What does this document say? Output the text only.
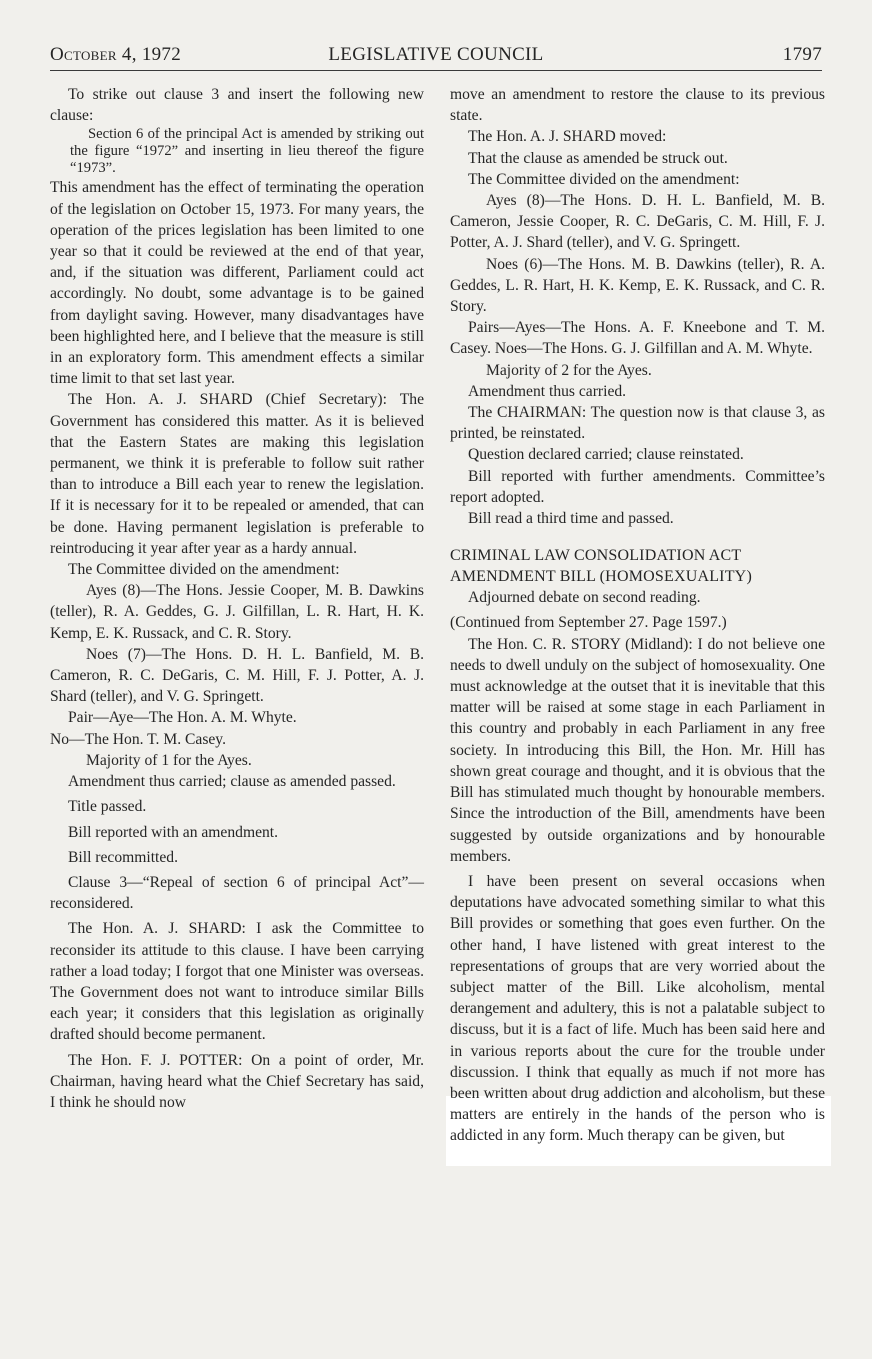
October 4, 1972	LEGISLATIVE COUNCIL	1797

To strike out clause 3 and insert the following new clause:

Section 6 of the principal Act is amended by striking out the figure “1972” and inserting in lieu thereof the figure “1973”.

This amendment has the effect of terminating the operation of the legislation on October 15, 1973. For many years, the operation of the prices legislation has been limited to one year so that it could be reviewed at the end of that year, and, if the situation was different, Parliament could act accordingly. No doubt, some advantage is to be gained from daylight saving. However, many disadvantages have been highlighted here, and I believe that the measure is still in an exploratory form. This amendment effects a similar time limit to that set last year.

The Hon. A. J. SHARD (Chief Secretary): The Government has considered this matter. As it is believed that the Eastern States are making this legislation permanent, we think it is preferable to follow suit rather than to introduce a Bill each year to renew the legislation. If it is necessary for it to be repealed or amended, that can be done. Having permanent legislation is preferable to reintroducing it year after year as a hardy annual.

The Committee divided on the amendment:

Ayes (8)—The Hons. Jessie Cooper, M. B. Dawkins (teller), R. A. Geddes, G. J. Gilfillan, L. R. Hart, H. K. Kemp, E. K. Russack, and C. R. Story.

Noes (7)—The Hons. D. H. L. Banfield, M. B. Cameron, R. C. DeGaris, C. M. Hill, F. J. Potter, A. J. Shard (teller), and V. G. Springett.

Pair—Aye—The Hon. A. M. Whyte.

No—The Hon. T. M. Casey.

Majority of 1 for the Ayes.

Amendment thus carried; clause as amended passed.

Title passed.

Bill reported with an amendment.

Bill recommitted.

Clause 3—“Repeal of section 6 of principal Act”—reconsidered.

The Hon. A. J. SHARD: I ask the Committee to reconsider its attitude to this clause. I have been carrying rather a load today; I forgot that one Minister was overseas. The Government does not want to introduce similar Bills each year; it considers that this legislation as originally drafted should become permanent.

The Hon. F. J. POTTER: On a point of order, Mr. Chairman, having heard what the Chief Secretary has said, I think he should now

move an amendment to restore the clause to its previous state.

The Hon. A. J. SHARD moved:

That the clause as amended be struck out.

The Committee divided on the amendment:

Ayes (8)—The Hons. D. H. L. Banfield, M. B. Cameron, Jessie Cooper, R. C. DeGaris, C. M. Hill, F. J. Potter, A. J. Shard (teller), and V. G. Springett.

Noes (6)—The Hons. M. B. Dawkins (teller), R. A. Geddes, L. R. Hart, H. K. Kemp, E. K. Russack, and C. R. Story.

Pairs—Ayes—The Hons. A. F. Kneebone and T. M. Casey. Noes—The Hons. G. J. Gilfillan and A. M. Whyte.

Majority of 2 for the Ayes.

Amendment thus carried.

The CHAIRMAN: The question now is that clause 3, as printed, be reinstated.

Question declared carried; clause reinstated.

Bill reported with further amendments. Committee’s report adopted.

Bill read a third time and passed.

CRIMINAL LAW CONSOLIDATION ACT AMENDMENT BILL (HOMOSEXUALITY)

Adjourned debate on second reading.

(Continued from September 27. Page 1597.)

The Hon. C. R. STORY (Midland): I do not believe one needs to dwell unduly on the subject of homosexuality. One must acknowledge at the outset that it is inevitable that this matter will be raised at some stage in each Parliament in this country and probably in each Parliament in any free society. In introducing this Bill, the Hon. Mr. Hill has shown great courage and thought, and it is obvious that the Bill has stimulated much thought by honourable members. Since the introduction of the Bill, amendments have been suggested by outside organizations and by honourable members.

I have been present on several occasions when deputations have advocated something similar to what this Bill provides or something that goes even further. On the other hand, I have listened with great interest to the representations of groups that are very worried about the subject matter of the Bill. Like alcoholism, mental derangement and adultery, this is not a palatable subject to discuss, but it is a fact of life. Much has been said here and in various reports about the cure for the trouble under discussion. I think that equally as much if not more has been written about drug addiction and alcoholism, but these matters are entirely in the hands of the person who is addicted in any form. Much therapy can be given, but
